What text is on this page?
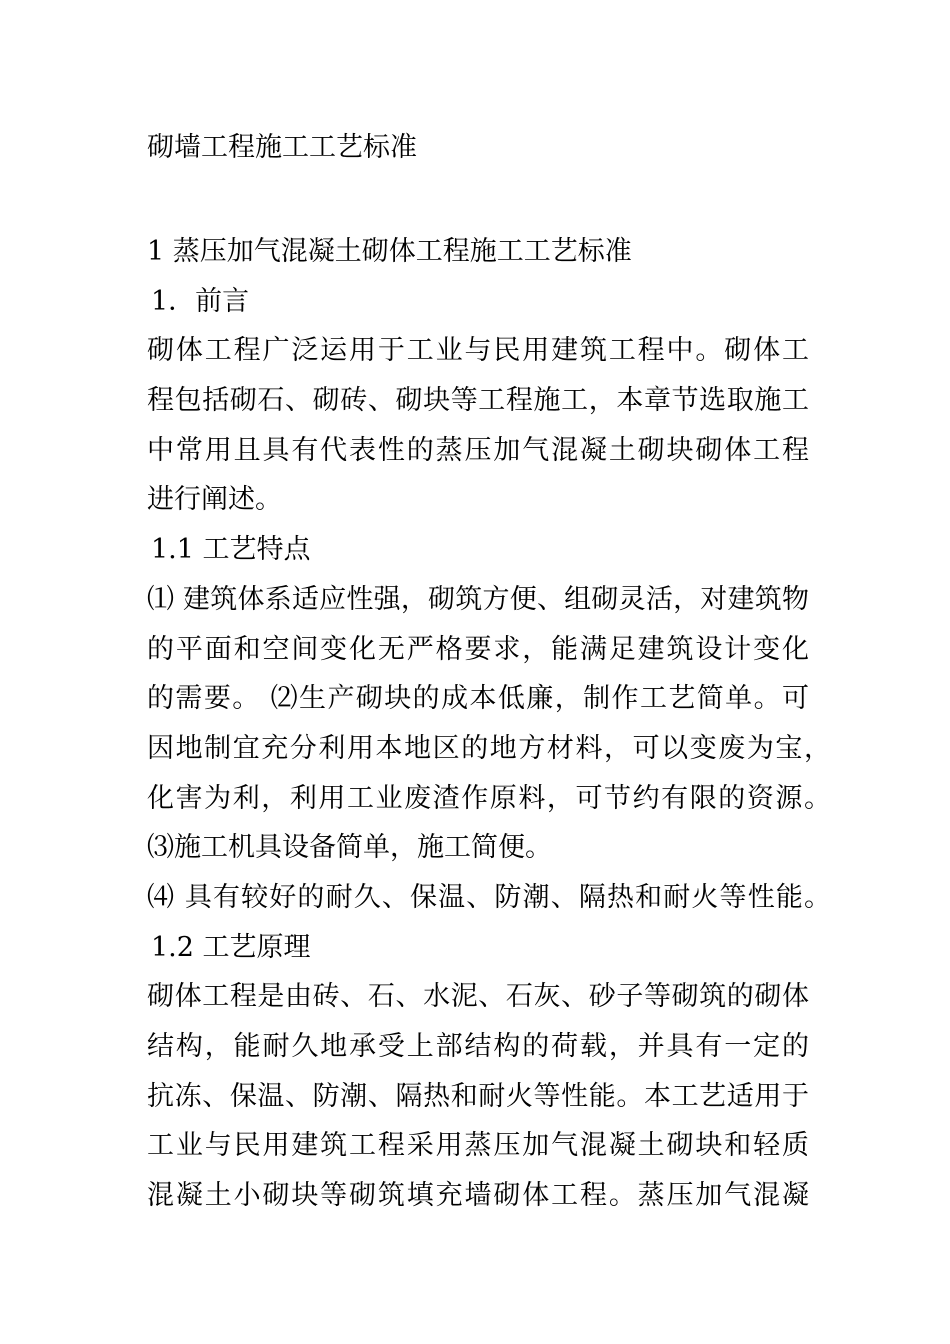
砌墙工程施工工艺标准
1 蒸压加气混凝土砌体工程施工工艺标准
1．前言
砌体工程广泛运用于工业与民用建筑工程中。砌体工
程包括砌石、砌砖、砌块等工程施工，本章节选取施工
中常用且具有代表性的蒸压加气混凝土砌块砌体工程
进行阐述。
1.1 工艺特点
⑴ 建筑体系适应性强，砌筑方便、组砌灵活，对建筑物
的平面和空间变化无严格要求，能满足建筑设计变化
的需要。 ⑵生产砌块的成本低廉，制作工艺简单。可
因地制宜充分利用本地区的地方材料，可以变废为宝，
化害为利，利用工业废渣作原料，可节约有限的资源。
⑶施工机具设备简单，施工简便。
⑷ 具有较好的耐久、保温、防潮、隔热和耐火等性能。
1.2 工艺原理
砌体工程是由砖、石、水泥、石灰、砂子等砌筑的砌体
结构，能耐久地承受上部结构的荷载，并具有一定的
抗冻、保温、防潮、隔热和耐火等性能。本工艺适用于
工业与民用建筑工程采用蒸压加气混凝土砌块和轻质
混凝土小砌块等砌筑填充墙砌体工程。蒸压加气混凝
